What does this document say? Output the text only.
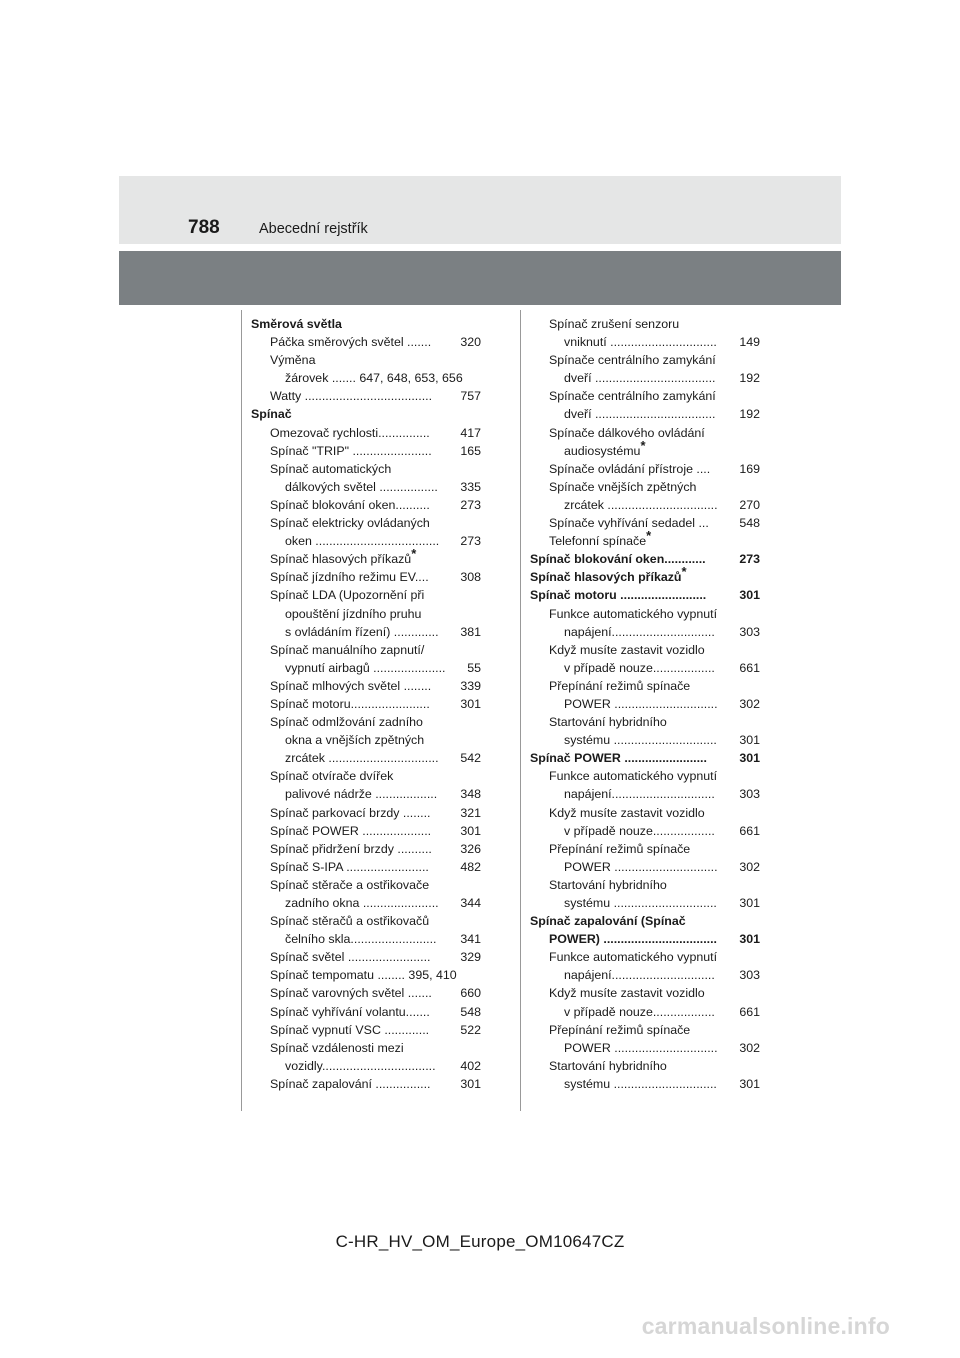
788	Abecední rejstřík
Směrová světla
Páčka směrových světel ....... 320
Výměna
žárovek ....... 647, 648, 653, 656
Watty ..................................... 757
Spínač
Omezovač rychlosti............... 417
Spínač "TRIP" ....................... 165
Spínač automatických
dálkových světel ................. 335
Spínač blokování oken.......... 273
Spínač elektricky ovládaných
oken .................................... 273
Spínač hlasových příkazů*
Spínač jízdního režimu EV....	308
Spínač LDA (Upozornění při
opouštění jízdního pruhu
s ovládáním řízení) ............. 381
Spínač manuálního zapnutí/
vypnutí airbagů ..................... 55
Spínač mlhových světel ........ 339
Spínač motoru....................... 301
Spínač odmlžování zadního
okna a vnějších zpětných
zrcátek ................................ 542
Spínač otvírače dvířek
palivové nádrže .................. 348
Spínač parkovací brzdy ........ 321
Spínač POWER .................... 301
Spínač přidržení brzdy .......... 326
Spínač S-IPA ........................	482
Spínač stěrače a ostřikovače
zadního okna ...................... 344
Spínač stěračů a ostřikovačů
čelního skla......................... 341
Spínač světel ........................ 329
Spínač tempomatu ........ 395, 410
Spínač varovných světel ....... 660
Spínač vyhřívání volantu....... 548
Spínač vypnutí VSC .............	522
Spínač vzdálenosti mezi
vozidly................................. 402
Spínač zapalování ................ 301
Spínač zrušení senzoru
vniknutí ............................... 149
Spínače centrálního zamykání
dveří ................................... 192
Spínače centrálního zamykání
dveří ................................... 192
Spínače dálkového ovládání
audiosystému*
Spínače ovládání přístroje .... 169
Spínače vnějších zpětných
zrcátek ................................ 270
Spínače vyhřívání sedadel ... 548
Telefonní spínače*
Spínač blokování oken............	273
Spínač hlasových příkazů*
Spínač motoru .........................	301
Funkce automatického vypnutí
napájení.............................. 303
Když musíte zastavit vozidlo
v případě nouze.................. 661
Přepínání režimů spínače
POWER .............................. 302
Startování hybridního
systému .............................. 301
Spínač POWER ........................	301
Funkce automatického vypnutí
napájení.............................. 303
Když musíte zastavit vozidlo
v případě nouze.................. 661
Přepínání režimů spínače
POWER .............................. 302
Startování hybridního
systému .............................. 301
Spínač zapalování (Spínač
POWER) ................................. 301
Funkce automatického vypnutí
napájení.............................. 303
Když musíte zastavit vozidlo
v případě nouze.................. 661
Přepínání režimů spínače
POWER .............................. 302
Startování hybridního
systému .............................. 301
C-HR_HV_OM_Europe_OM10647CZ
carmanualsonline.info
